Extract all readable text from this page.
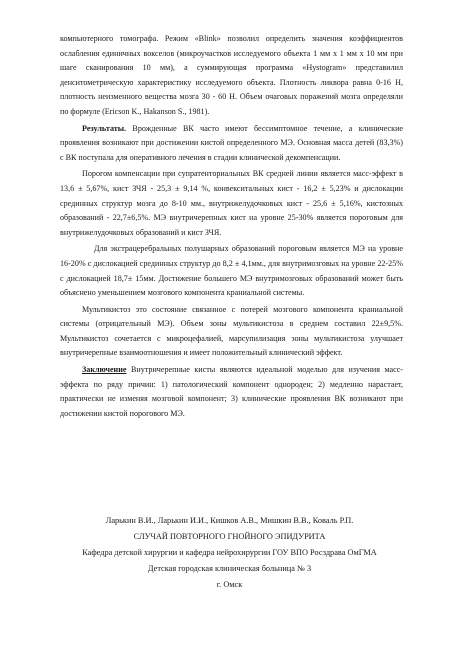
компьютерного томографа. Режим «Blink» позволил определить значения коэффициентов ослабления единичных вокселов (микроучастков исследуемого объекта 1 мм х 1 мм х 10 мм при шаге сканирования 10 мм), а суммирующая программа «Hystogram» представилил денситометрическую характеристику исследуемого объекта. Плотность ликвора равна 0-16 Н, плотность неизменного вещества мозга 30 - 60 Н. Объем очаговых поражений мозга определяли по формуле (Ericson K., Hakanson S., 1981).

Результаты. Врожденные ВК часто имеют бессимптомное течение, а клинические проявления возникают при достижении кистой определенного МЭ. Основная масса детей (83,3%) с ВК поступала для оперативного лечения в стадии клинической декомпенсации.

Порогом компенсации при супратенториальных ВК средней линии является масс-эффект в 13,6 ± 5,67%, кист ЗЧЯ - 25,3 ± 9,14 %, конвекситальных кист - 16,2 ± 5,23% и дислокации срединных структур мозга до 8-10 мм., внутрижелудочковых кист - 25,6 ± 5,16%, кистозных образований - 22,7±6,5%. МЭ внутричерепных кист на уровне 25-30% является пороговым для внутрижелудочковых образований и кист ЗЧЯ.

Для экстрацеребральных полушарных образований пороговым является МЭ на уровне 16-20% с дислокацией срединных структур до 8,2 ± 4,1мм., для внутримозговых на уровне 22-25% с дислокацией 18,7± 15мм. Достижение большего МЭ внутримозговых образований может быть объяснено уменьшением мозгового компонента краниальной системы.

Мультикистоз это состояние связанное с потерей мозгового компонента краниальной системы (отрицательный МЭ). Объем зоны мультикистоза в среднем составил 22±9,5%. Мультикистоз сочетается с микроцефалией, марсупилизация зоны мультикистоза улучшает внутричерепные взаимоотношения и имеет положительный клинический эффект.

Заключение Внутричерепные кисты являются идеальной моделью для изучения масс-эффекта по ряду причин: 1) патологический компонент однороден; 2) медленно нарастает, практически не изменяя мозговой компонент; 3) клинические проявления ВК возникают при достижении кистой порогового МЭ.

Ларькин В.И., Ларькин И.И., Кишков А.В., Мишкин В.В., Коваль Р.П.

СЛУЧАЙ ПОВТОРНОГО ГНОЙНОГО ЭПИДУРИТА

Кафедра детской хирургии и кафедра нейрохирургии ГОУ ВПО Росздрава ОмГМА

Детская городская клиническая больница № 3

г. Омск
